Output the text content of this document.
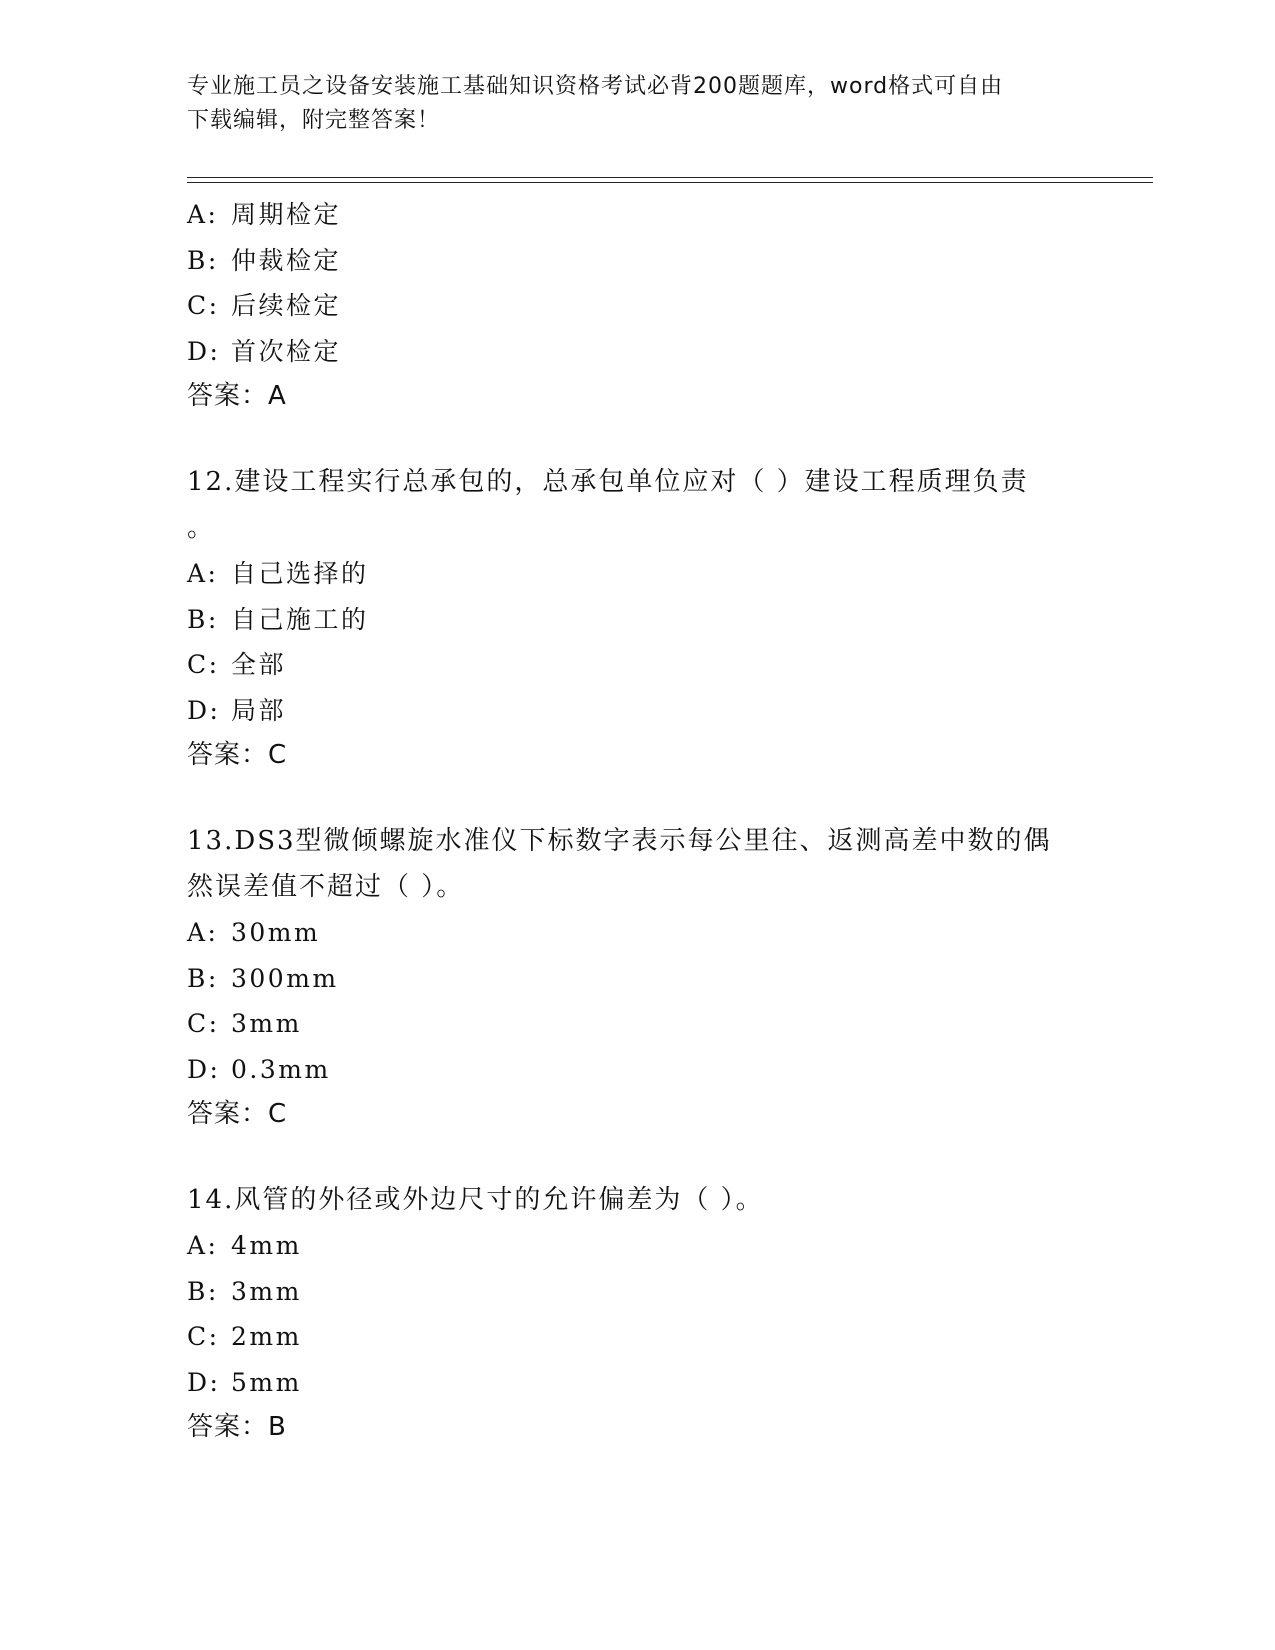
专业施工员之设备安装施工基础知识资格考试必背200题题库，word格式可自由
下载编辑，附完整答案！
A: 周期检定
B: 仲裁检定
C: 后续检定
D: 首次检定
答案：A
12.建设工程实行总承包的，总承包单位应对（ ）建设工程质理负责
。
A: 自己选择的
B: 自己施工的
C: 全部
D: 局部
答案：C
13.DS3型微倾螺旋水准仪下标数字表示每公里往、返测高差中数的偶
然误差值不超过（ ）。
A: 30mm
B: 300mm
C: 3mm
D: 0.3mm
答案：C
14.风管的外径或外边尺寸的允许偏差为（ ）。
A: 4mm
B: 3mm
C: 2mm
D: 5mm
答案：B
